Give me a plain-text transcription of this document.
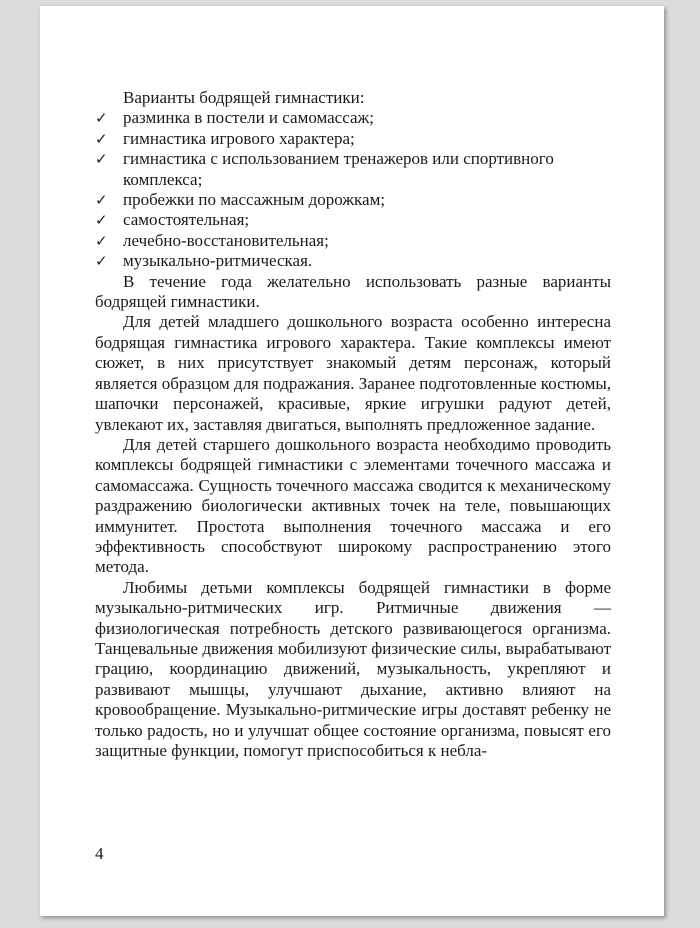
Варианты бодрящей гимнастики:

✓ разминка в постели и самомассаж;
✓ гимнастика игрового характера;
✓ гимнастика с использованием тренажеров или спортивного комплекса;
✓ пробежки по массажным дорожкам;
✓ самостоятельная;
✓ лечебно-восстановительная;
✓ музыкально-ритмическая.

В течение года желательно использовать разные варианты бодрящей гимнастики.

Для детей младшего дошкольного возраста особенно интересна бодрящая гимнастика игрового характера. Такие комплексы имеют сюжет, в них присутствует знакомый детям персонаж, который является образцом для подражания. Заранее подготовленные костюмы, шапочки персонажей, красивые, яркие игрушки радуют детей, увлекают их, заставляя двигаться, выполнять предложенное задание.

Для детей старшего дошкольного возраста необходимо проводить комплексы бодрящей гимнастики с элементами точечного массажа и самомассажа. Сущность точечного массажа сводится к механическому раздражению биологически активных точек на теле, повышающих иммунитет. Простота выполнения точечного массажа и его эффективность способствуют широкому распространению этого метода.

Любимы детьми комплексы бодрящей гимнастики в форме музыкально-ритмических игр. Ритмичные движения — физиологическая потребность детского развивающегося организма. Танцевальные движения мобилизуют физические силы, вырабатывают грацию, координацию движений, музыкальность, укрепляют и развивают мышцы, улучшают дыхание, активно влияют на кровообращение. Музыкально-ритмические игры доставят ребенку не только радость, но и улучшат общее состояние организма, повысят его защитные функции, помогут приспособиться к небла-

4
